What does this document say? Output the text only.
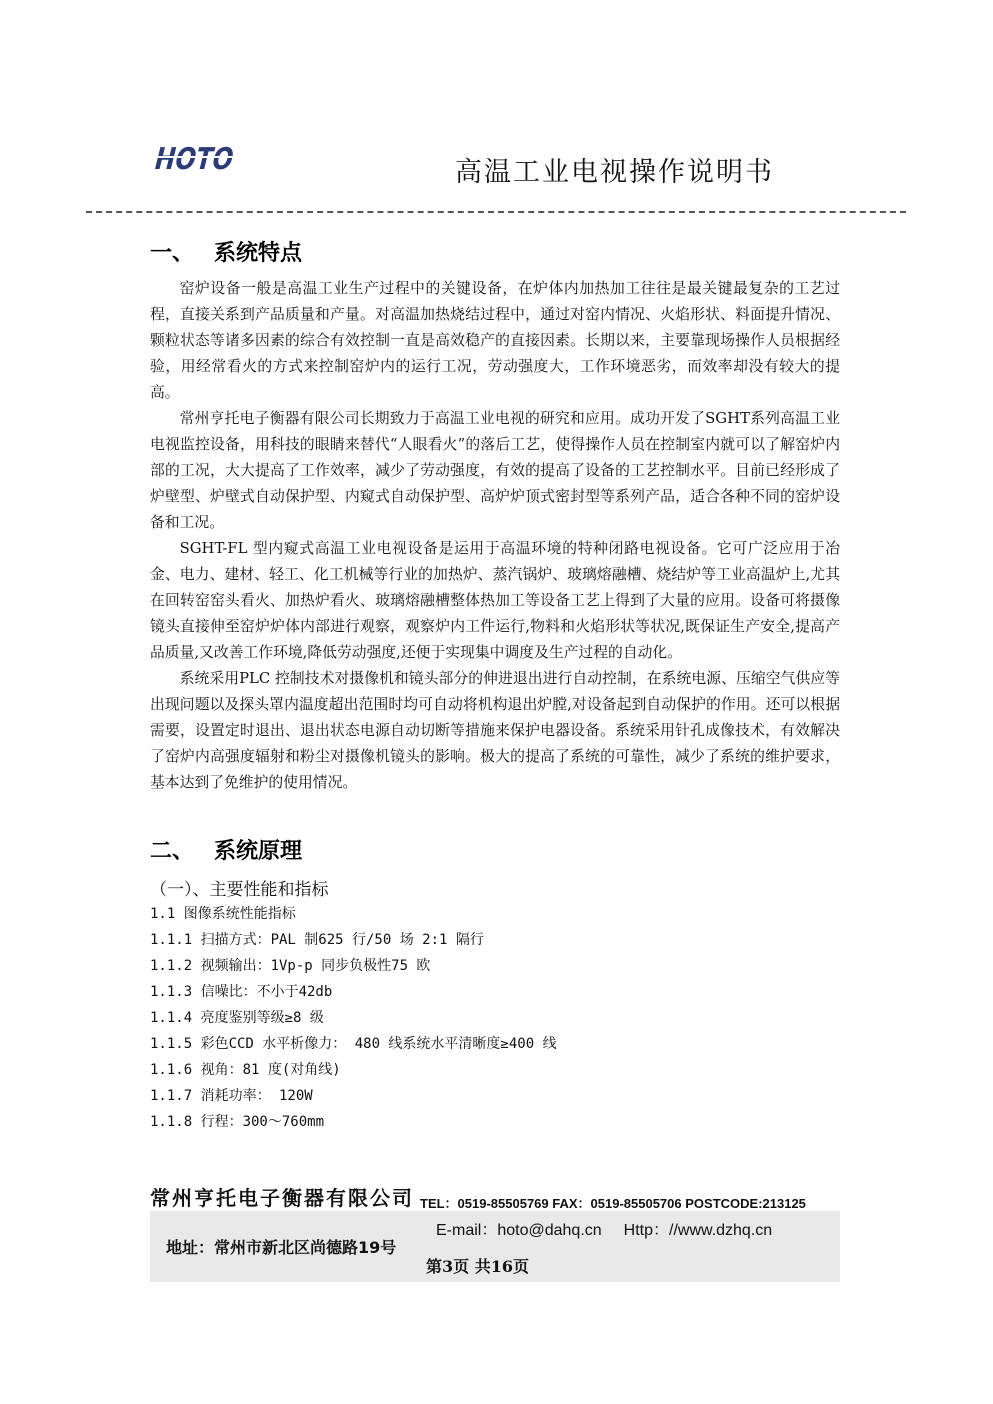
HOTO	高温工业电视操作说明书
一、 系统特点

窑炉设备一般是高温工业生产过程中的关键设备，在炉体内加热加工往往是最关键最复杂的工艺过程，直接关系到产品质量和产量。对高温加热烧结过程中，通过对窑内情况、火焰形状、料面提升情况、颗粒状态等诸多因素的综合有效控制一直是高效稳产的直接因素。长期以来，主要靠现场操作人员根据经验，用经常看火的方式来控制窑炉内的运行工况，劳动强度大，工作环境恶劣，而效率却没有较大的提高。

常州亨托电子衡器有限公司长期致力于高温工业电视的研究和应用。成功开发了SGHT系列高温工业电视监控设备，用科技的眼睛来替代“人眼看火”的落后工艺，使得操作人员在控制室内就可以了解窑炉内部的工况，大大提高了工作效率，减少了劳动强度，有效的提高了设备的工艺控制水平。目前已经形成了炉壁型、炉壁式自动保护型、内窥式自动保护型、高炉炉顶式密封型等系列产品，适合各种不同的窑炉设备和工况。

SGHT-FL 型内窥式高温工业电视设备是运用于高温环境的特种闭路电视设备。它可广泛应用于冶金、电力、建材、轻工、化工机械等行业的加热炉、蒸汽锅炉、玻璃熔融槽、烧结炉等工业高温炉上,尤其在回转窑窑头看火、加热炉看火、玻璃熔融槽整体热加工等设备工艺上得到了大量的应用。设备可将摄像镜头直接伸至窑炉炉体内部进行观察，观察炉内工件运行,物料和火焰形状等状况,既保证生产安全,提高产品质量,又改善工作环境,降低劳动强度,还便于实现集中调度及生产过程的自动化。

系统采用PLC 控制技术对摄像机和镜头部分的伸进退出进行自动控制，在系统电源、压缩空气供应等出现问题以及探头罩内温度超出范围时均可自动将机构退出炉膛,对设备起到自动保护的作用。还可以根据需要，设置定时退出、退出状态电源自动切断等措施来保护电器设备。系统采用针孔成像技术，有效解决了窑炉内高强度辐射和粉尘对摄像机镜头的影响。极大的提高了系统的可靠性，减少了系统的维护要求，基本达到了免维护的使用情况。

二、 系统原理
（一）、主要性能和指标
1.1 图像系统性能指标
1.1.1 扫描方式：PAL 制625 行/50 场 2:1 隔行
1.1.2 视频输出：1Vp-p 同步负极性75 欧
1.1.3 信噪比：不小于42db
1.1.4 亮度鉴别等级≥8 级
1.1.5 彩色CCD 水平析像力： 480 线系统水平清晰度≥400 线
1.1.6 视角：81 度(对角线)
1.1.7 消耗功率： 120W
1.1.8 行程：300～760mm
常州亨托电子衡器有限公司 TEL：0519-85505769 FAX：0519-85505706 POSTCODE:213125
地址：常州市新北区尚德路19号
E-mail：hoto@dahq.cn Http：//www.dzhq.cn
第3页 共16页
